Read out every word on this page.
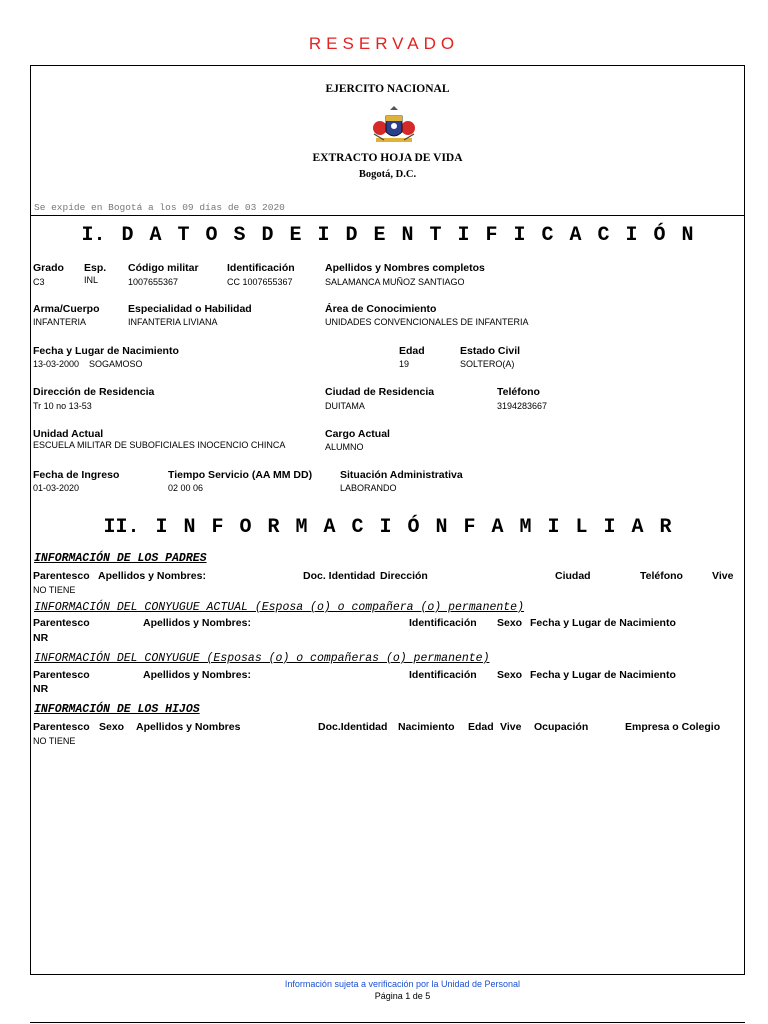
RESERVADO
EJERCITO NACIONAL
EXTRACTO HOJA DE VIDA
Bogotá, D.C.
Se expide en Bogotá a los 09 días de 03 2020
I. D A T O S D E I D E N T I F I C A C I Ó N
Grado
C3
Esp.
INL
Código militar
1007655367
Identificación
CC 1007655367
Apellidos y Nombres completos
SALAMANCA MUÑOZ SANTIAGO
Arma/Cuerpo
INFANTERIA
Especialidad o Habilidad
INFANTERIA LIVIANA
Área de Conocimiento
UNIDADES CONVENCIONALES DE INFANTERIA
Fecha y Lugar de Nacimiento
13-03-2000 SOGAMOSO
Edad
19
Estado Civil
SOLTERO(A)
Dirección de Residencia
Tr 10 no 13-53
Ciudad de Residencia
DUITAMA
Teléfono
3194283667
Unidad Actual
ESCUELA MILITAR DE SUBOFICIALES INOCENCIO CHINCA
Cargo Actual
ALUMNO
Fecha de Ingreso
01-03-2020
Tiempo Servicio (AA MM DD)
02 00 06
Situación Administrativa
LABORANDO
II. I N F O R M A C I Ó N F A M I L I A R
INFORMACIÓN DE LOS PADRES
Parentesco Apellidos y Nombres:	Doc. Identidad Dirección	Ciudad	Teléfono	Vive
NO TIENE
INFORMACIÓN DEL CONYUGUE ACTUAL (Esposa (o) o compañera (o) permanente)
Parentesco	Apellidos y Nombres:	Identificación Sexo Fecha y Lugar de Nacimiento
NR
INFORMACIÓN DEL CONYUGUE (Esposas (o) o compañeras (o) permanente)
Parentesco	Apellidos y Nombres:	Identificación Sexo Fecha y Lugar de Nacimiento
NR
INFORMACIÓN DE LOS HIJOS
Parentesco Sexo Apellidos y Nombres	Doc.Identidad Nacimiento Edad Vive Ocupación	Empresa o Colegio
NO TIENE
Información sujeta a verificación por la Unidad de Personal
Página 1 de 5
